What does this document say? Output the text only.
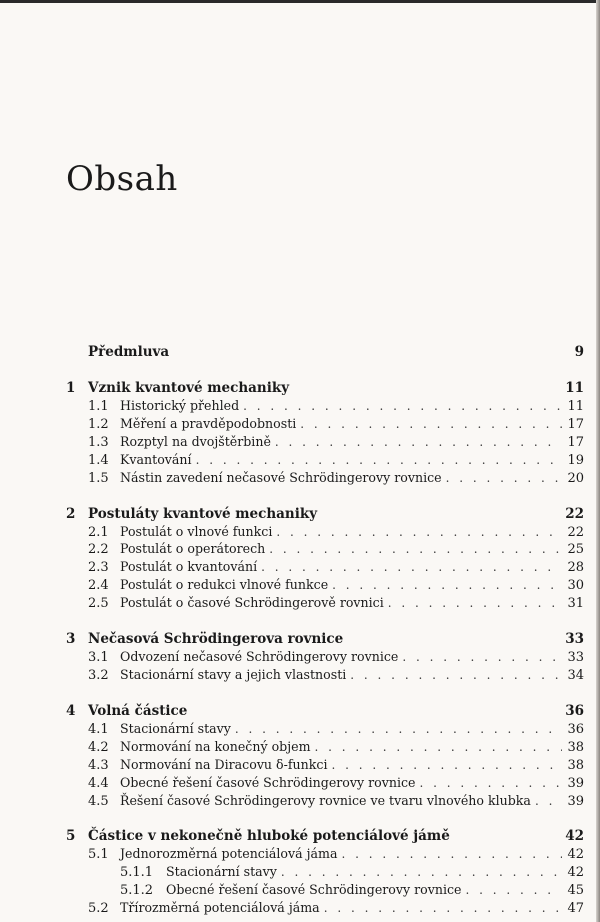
Obsah
Předmluva	9
1 Vznik kvantové mechaniky	11
1.1 Historický přehled . . .	11
1.2 Měření a pravděpodobnosti . . .	17
1.3 Rozptyl na dvojštěrbině . . .	17
1.4 Kvantování . . .	19
1.5 Nástin zavedení nečasové Schrödingerovy rovnice . . .	20
2 Postuláty kvantové mechaniky	22
2.1 Postulát o vlnové funkci . . .	22
2.2 Postulát o operátorech . . .	25
2.3 Postulát o kvantování . . .	28
2.4 Postulát o redukci vlnové funkce . . .	30
2.5 Postulát o časové Schrödingerově rovnici . . .	31
3 Nečasová Schrödingerova rovnice	33
3.1 Odvození nečasové Schrödingerovy rovnice . . .	33
3.2 Stacionární stavy a jejich vlastnosti . . .	34
4 Volná částice	36
4.1 Stacionární stavy . . .	36
4.2 Normování na konečný objem . . .	38
4.3 Normování na Diracovu δ-funkci . . .	38
4.4 Obecné řešení časové Schrödingerovy rovnice . . .	39
4.5 Řešení časové Schrödingerovy rovnice ve tvaru vlnového klubka . . .	39
5 Částice v nekonečně hluboké potenciálové jámě	42
5.1 Jednorozměrná potenciálová jáma . . .	42
5.1.1	Stacionární stavy . . .	42
5.1.2	Obecné řešení časové Schrödingerovy rovnice . . .	45
5.2 Třírozměrná potenciálová jáma . . .	47
